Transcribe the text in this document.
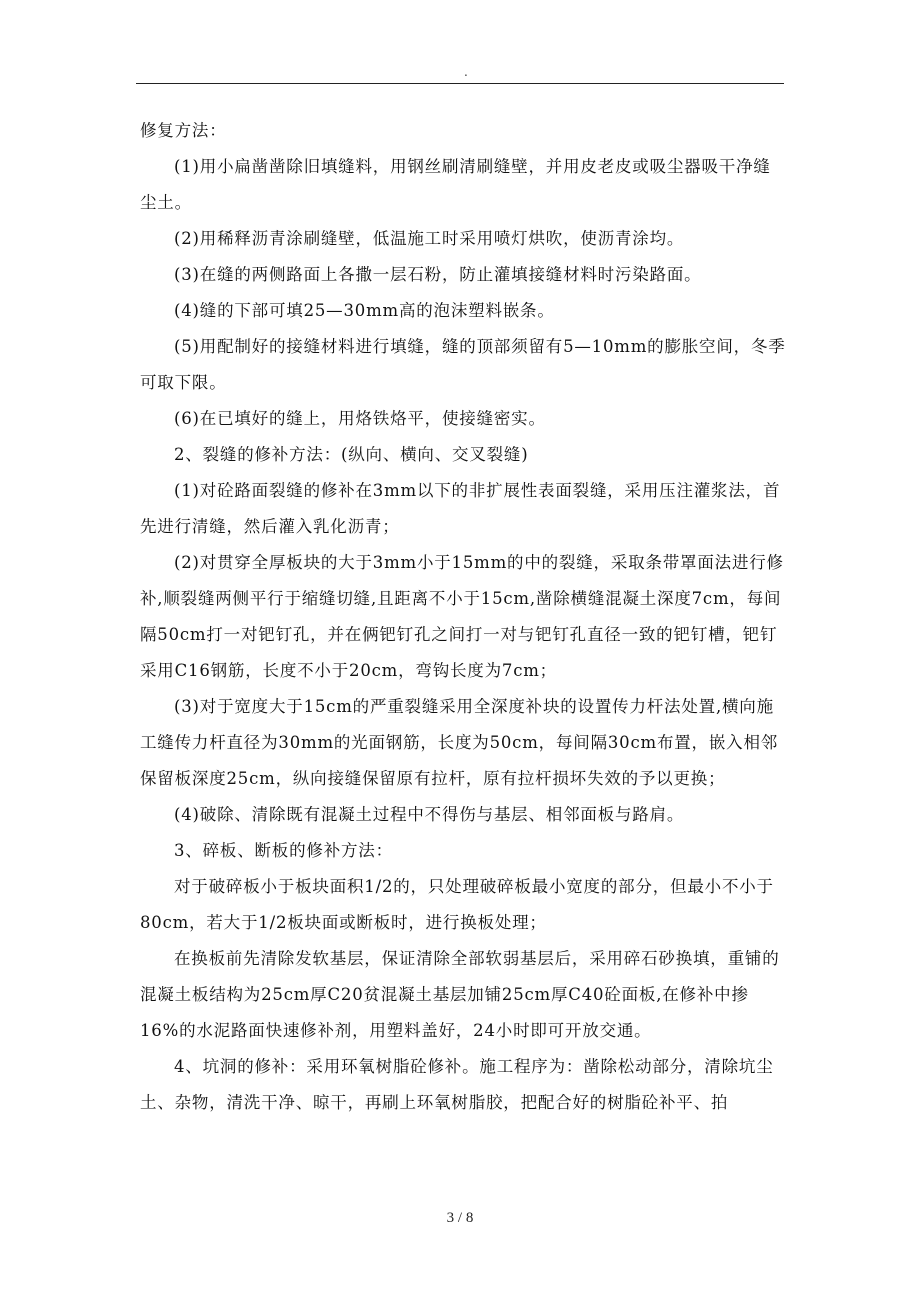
.

修复方法：

(1)用小扁凿凿除旧填缝料，用钢丝刷清刷缝壁，并用皮老皮或吸尘器吸干净缝尘土。

(2)用稀释沥青涂刷缝壁，低温施工时采用喷灯烘吹，使沥青涂均。

(3)在缝的两侧路面上各撒一层石粉，防止灌填接缝材料时污染路面。

(4)缝的下部可填25—30mm高的泡沫塑料嵌条。

(5)用配制好的接缝材料进行填缝，缝的顶部须留有5—10mm的膨胀空间，冬季可取下限。

(6)在已填好的缝上，用烙铁烙平，使接缝密实。

2、裂缝的修补方法：(纵向、横向、交叉裂缝)

(1)对砼路面裂缝的修补在3mm以下的非扩展性表面裂缝，采用压注灌浆法，首先进行清缝，然后灌入乳化沥青；

(2)对贯穿全厚板块的大于3mm小于15mm的中的裂缝，采取条带罩面法进行修补,顺裂缝两侧平行于缩缝切缝,且距离不小于15cm,凿除横缝混凝土深度7cm，每间隔50cm打一对钯钉孔，并在俩钯钉孔之间打一对与钯钉孔直径一致的钯钉槽，钯钉采用C16钢筋，长度不小于20cm，弯钩长度为7cm；

(3)对于宽度大于15cm的严重裂缝采用全深度补块的设置传力杆法处置,横向施工缝传力杆直径为30mm的光面钢筋，长度为50cm，每间隔30cm布置，嵌入相邻保留板深度25cm，纵向接缝保留原有拉杆，原有拉杆损坏失效的予以更换；

(4)破除、清除既有混凝土过程中不得伤与基层、相邻面板与路肩。

3、碎板、断板的修补方法：

对于破碎板小于板块面积1/2的，只处理破碎板最小宽度的部分，但最小不小于80cm，若大于1/2板块面或断板时，进行换板处理；

在换板前先清除发软基层，保证清除全部软弱基层后，采用碎石砂换填，重铺的混凝土板结构为25cm厚C20贫混凝土基层加铺25cm厚C40砼面板,在修补中掺16%的水泥路面快速修补剂，用塑料盖好，24小时即可开放交通。

4、坑洞的修补：采用环氧树脂砼修补。施工程序为：凿除松动部分，清除坑尘土、杂物，清洗干净、晾干，再刷上环氧树脂胶，把配合好的树脂砼补平、拍

3 / 8
